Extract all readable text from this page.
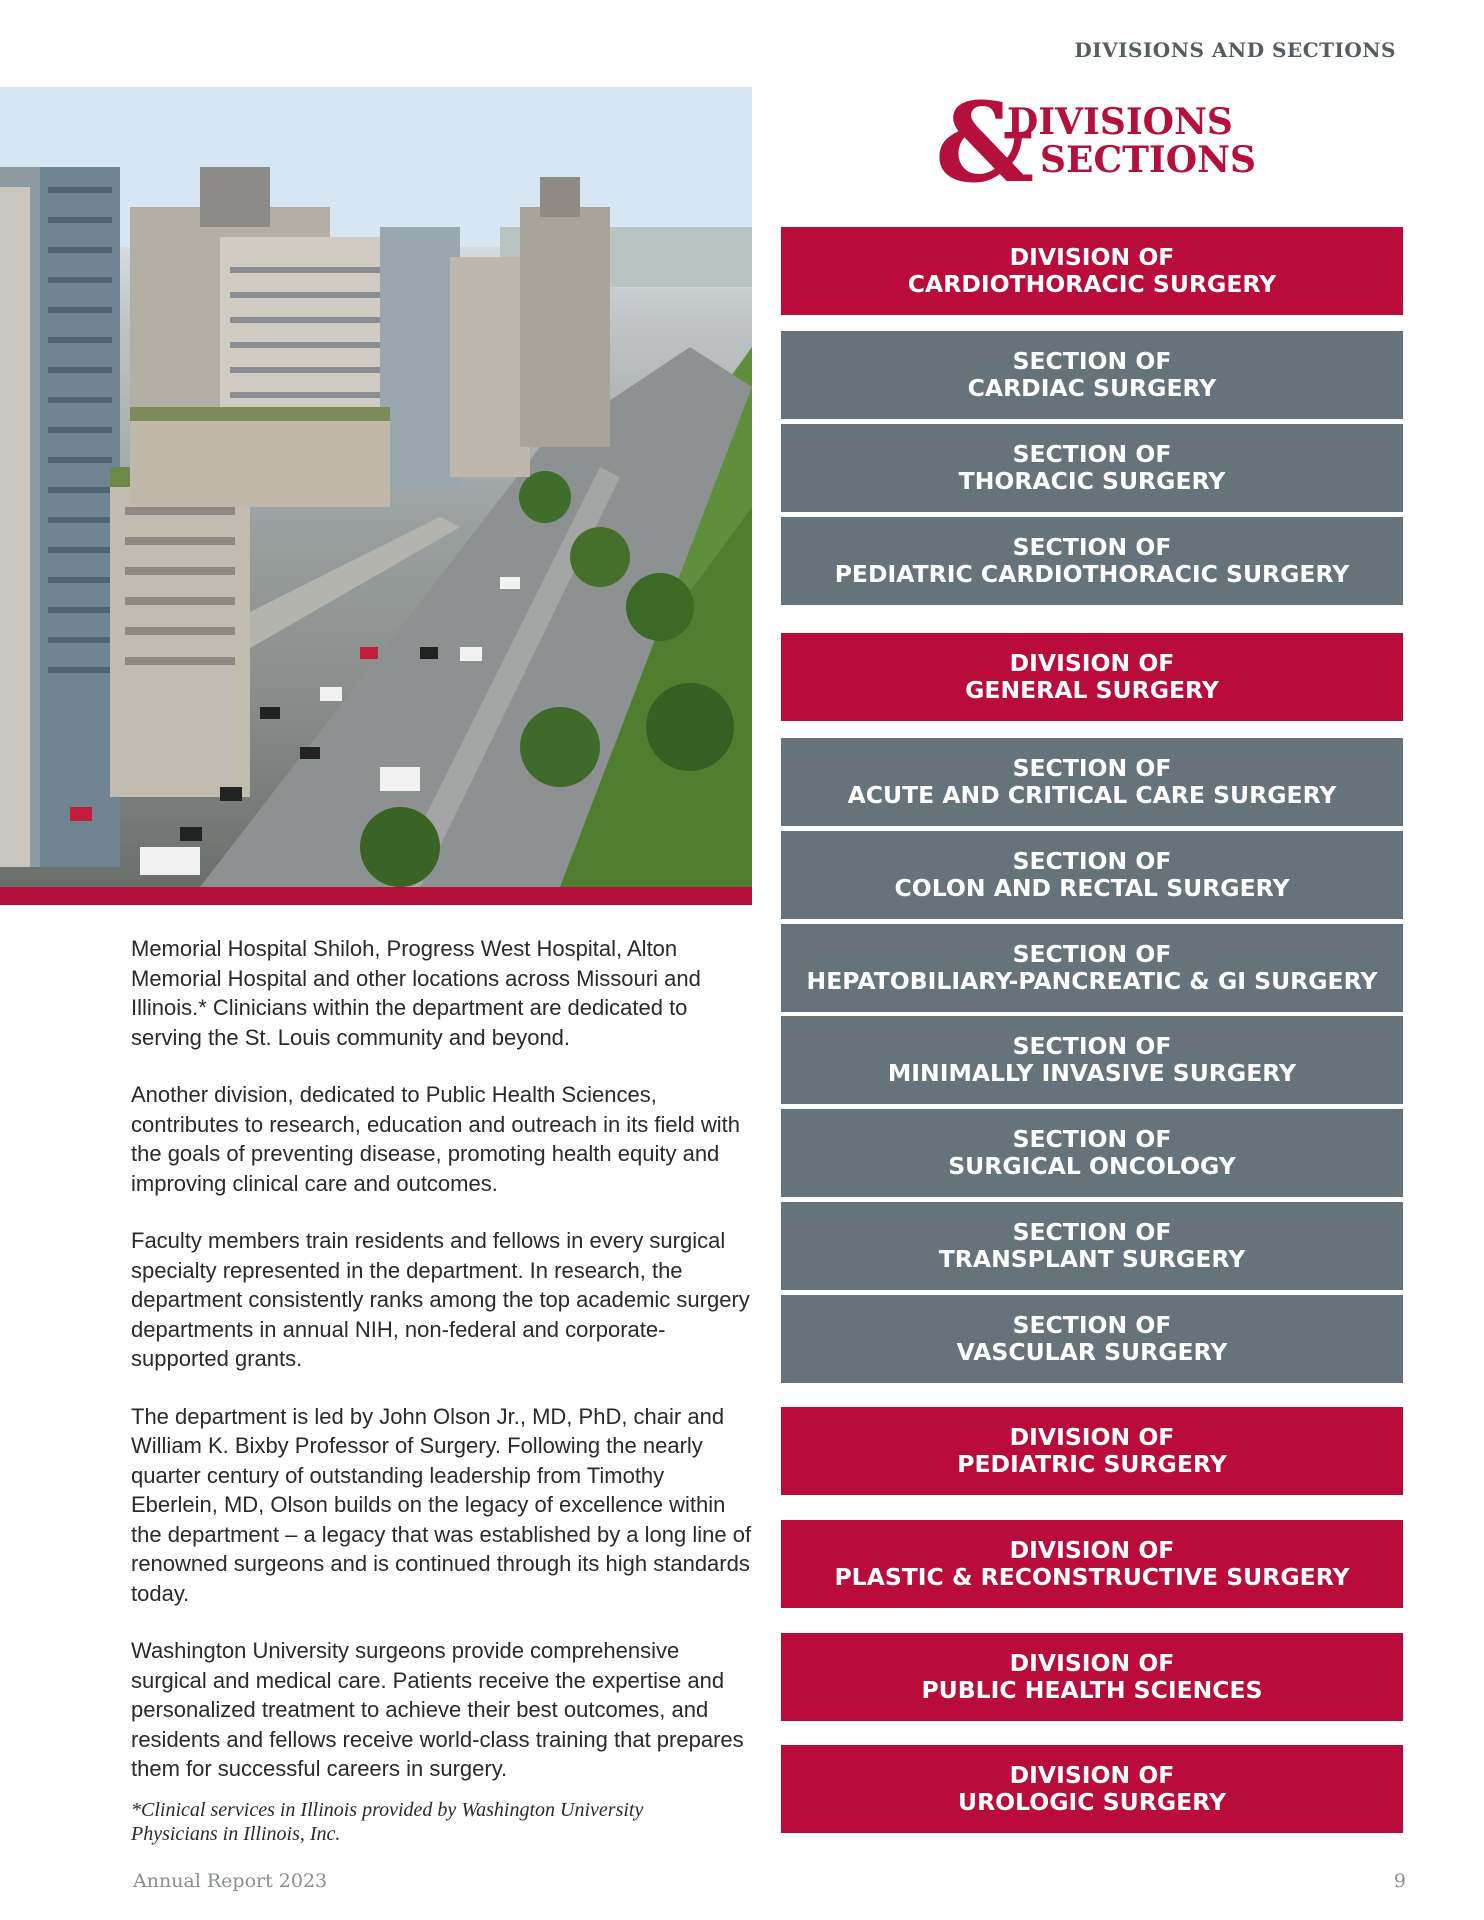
DIVISIONS AND SECTIONS
&
DIVISIONS
SECTIONS
DIVISION OF
CARDIOTHORACIC SURGERY
SECTION OF
CARDIAC SURGERY
SECTION OF
THORACIC SURGERY
SECTION OF
PEDIATRIC CARDIOTHORACIC SURGERY
DIVISION OF
GENERAL SURGERY
SECTION OF
ACUTE AND CRITICAL CARE SURGERY
SECTION OF
COLON AND RECTAL SURGERY
SECTION OF
HEPATOBILIARY-PANCREATIC & GI SURGERY
SECTION OF
MINIMALLY INVASIVE SURGERY
SECTION OF
SURGICAL ONCOLOGY
SECTION OF
TRANSPLANT SURGERY
SECTION OF
VASCULAR SURGERY
DIVISION OF
PEDIATRIC SURGERY
DIVISION OF
PLASTIC & RECONSTRUCTIVE SURGERY
DIVISION OF
PUBLIC HEALTH SCIENCES
DIVISION OF
UROLOGIC SURGERY

Memorial Hospital Shiloh, Progress West Hospital, Alton Memorial Hospital and other locations across Missouri and Illinois.* Clinicians within the department are dedicated to serving the St. Louis community and beyond.

Another division, dedicated to Public Health Sciences, contributes to research, education and outreach in its field with the goals of preventing disease, promoting health equity and improving clinical care and outcomes.

Faculty members train residents and fellows in every surgical specialty represented in the department. In research, the department consistently ranks among the top academic surgery departments in annual NIH, non-federal and corporate-supported grants.

The department is led by John Olson Jr., MD, PhD, chair and William K. Bixby Professor of Surgery. Following the nearly quarter century of outstanding leadership from Timothy Eberlein, MD, Olson builds on the legacy of excellence within the department – a legacy that was established by a long line of renowned surgeons and is continued through its high standards today.

Washington University surgeons provide comprehensive surgical and medical care. Patients receive the expertise and personalized treatment to achieve their best outcomes, and residents and fellows receive world-class training that prepares them for successful careers in surgery.

*Clinical services in Illinois provided by Washington University Physicians in Illinois, Inc.
Annual Report 2023	9
